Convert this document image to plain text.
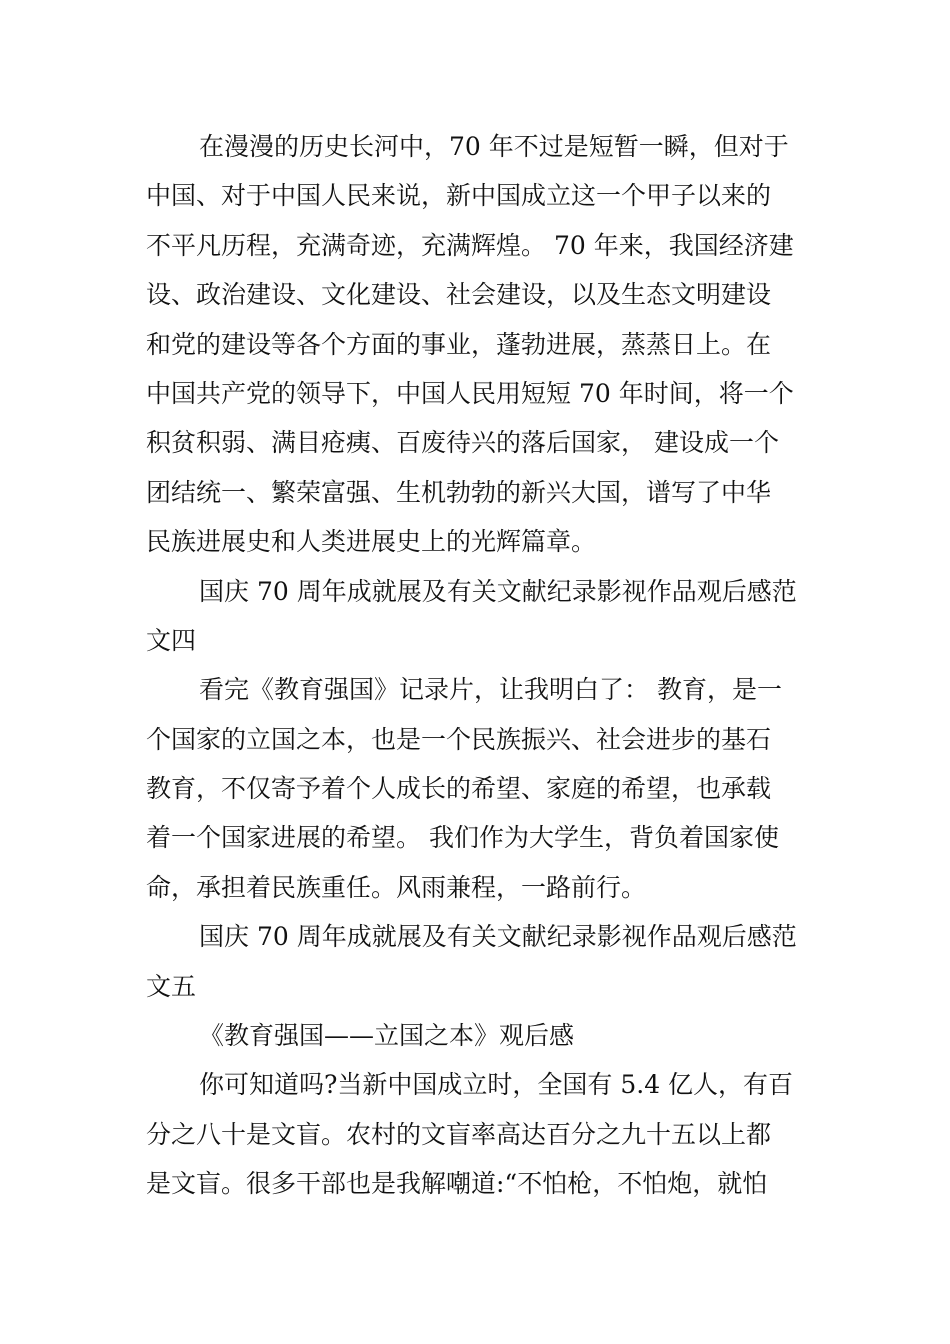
在漫漫的历史长河中，70 年不过是短暂一瞬，但对于
中国、对于中国人民来说，新中国成立这一个甲子以来的
不平凡历程，充满奇迹，充满辉煌。 70 年来，我国经济建
设、政治建设、文化建设、社会建设，以及生态文明建设
和党的建设等各个方面的事业，蓬勃进展，蒸蒸日上。在
中国共产党的领导下，中国人民用短短 70 年时间，将一个
积贫积弱、满目疮痍、百废待兴的落后国家， 建设成一个
团结统一、繁荣富强、生机勃勃的新兴大国，谱写了中华
民族进展史和人类进展史上的光辉篇章。
国庆 70 周年成就展及有关文献纪录影视作品观后感范
文四
看完《教育强国》记录片，让我明白了： 教育，是一
个国家的立国之本，也是一个民族振兴、社会进步的基石
教育，不仅寄予着个人成长的希望、家庭的希望，也承载
着一个国家进展的希望。 我们作为大学生，背负着国家使
命，承担着民族重任。风雨兼程，一路前行。
国庆 70 周年成就展及有关文献纪录影视作品观后感范
文五
《教育强国——立国之本》观后感
你可知道吗?当新中国成立时，全国有 5.4 亿人，有百
分之八十是文盲。农村的文盲率高达百分之九十五以上都
是文盲。很多干部也是我解嘲道:“不怕枪，不怕炮，就怕
